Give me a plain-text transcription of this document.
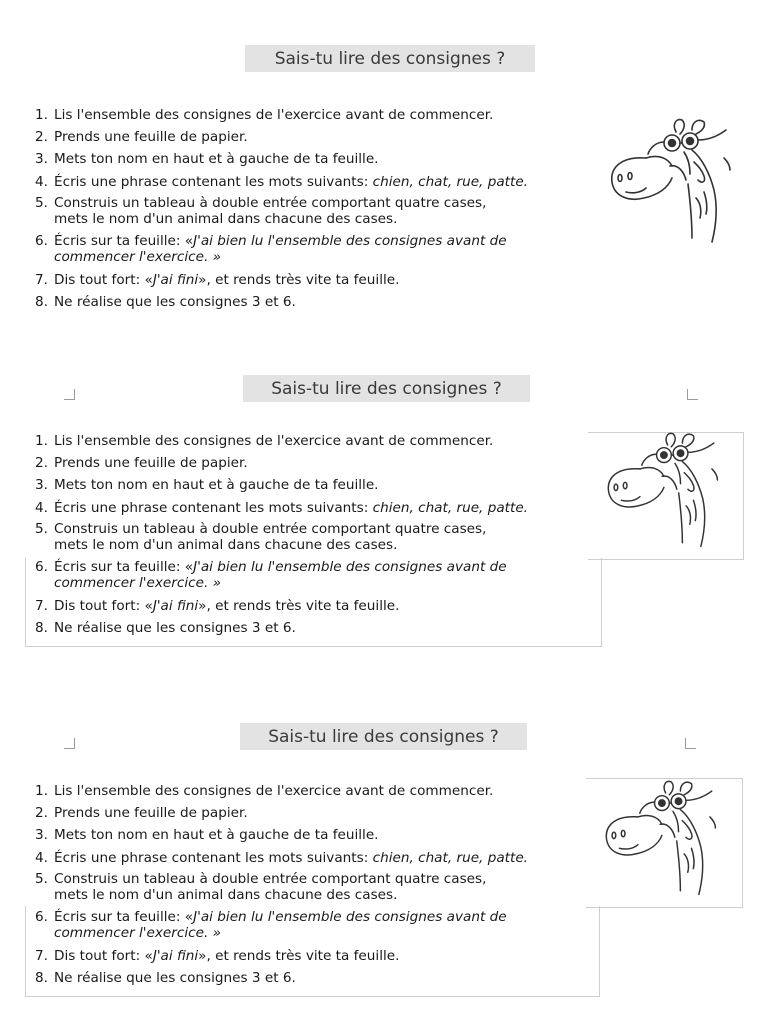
Sais-tu lire des consignes ?
1. Lis l'ensemble des consignes de l'exercice avant de commencer.
2. Prends une feuille de papier.
3. Mets ton nom en haut et à gauche de ta feuille.
4. Écris une phrase contenant les mots suivants: chien, chat, rue, patte.
5. Construis un tableau à double entrée comportant quatre cases,
mets le nom d'un animal dans chacune des cases.
6. Écris sur ta feuille: «J'ai bien lu l'ensemble des consignes avant de
commencer l'exercice. »
7. Dis tout fort: «J'ai fini», et rends très vite ta feuille.
8. Ne réalise que les consignes 3 et 6.
Sais-tu lire des consignes ?
1. Lis l'ensemble des consignes de l'exercice avant de commencer.
2. Prends une feuille de papier.
3. Mets ton nom en haut et à gauche de ta feuille.
4. Écris une phrase contenant les mots suivants: chien, chat, rue, patte.
5. Construis un tableau à double entrée comportant quatre cases,
mets le nom d'un animal dans chacune des cases.
6. Écris sur ta feuille: «J'ai bien lu l'ensemble des consignes avant de
commencer l'exercice. »
7. Dis tout fort: «J'ai fini», et rends très vite ta feuille.
8. Ne réalise que les consignes 3 et 6.
Sais-tu lire des consignes ?
1. Lis l'ensemble des consignes de l'exercice avant de commencer.
2. Prends une feuille de papier.
3. Mets ton nom en haut et à gauche de ta feuille.
4. Écris une phrase contenant les mots suivants: chien, chat, rue, patte.
5. Construis un tableau à double entrée comportant quatre cases,
mets le nom d'un animal dans chacune des cases.
6. Écris sur ta feuille: «J'ai bien lu l'ensemble des consignes avant de
commencer l'exercice. »
7. Dis tout fort: «J'ai fini», et rends très vite ta feuille.
8. Ne réalise que les consignes 3 et 6.
